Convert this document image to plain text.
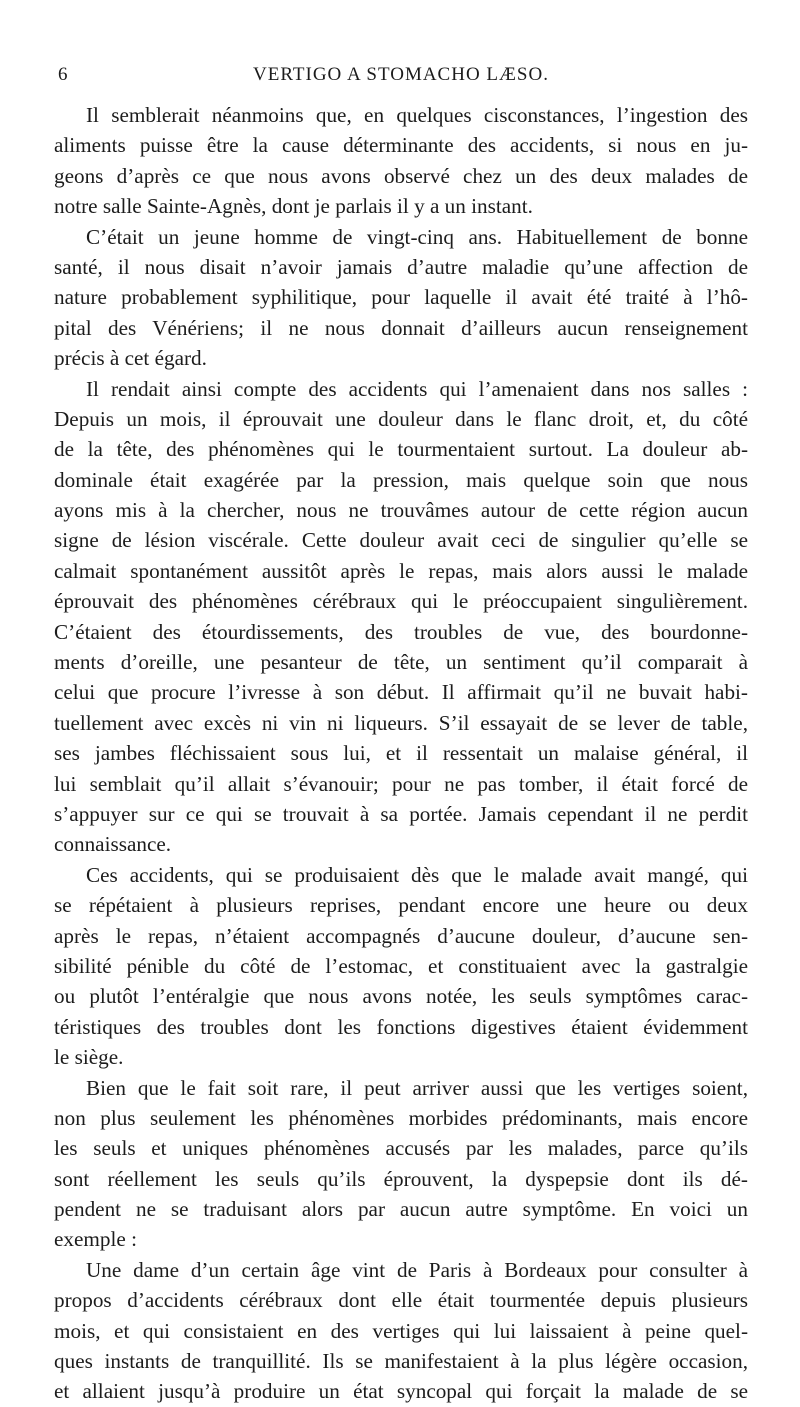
6	VERTIGO A STOMACHO LÆSO.
Il semblerait néanmoins que, en quelques cisconstances, l’ingestion des
aliments puisse être la cause déterminante des accidents, si nous en ju-
geons d’après ce que nous avons observé chez un des deux malades de
notre salle Sainte-Agnès, dont je parlais il y a un instant.
C’était un jeune homme de vingt-cinq ans. Habituellement de bonne
santé, il nous disait n’avoir jamais d’autre maladie qu’une affection de
nature probablement syphilitique, pour laquelle il avait été traité à l’hô-
pital des Vénériens; il ne nous donnait d’ailleurs aucun renseignement
précis à cet égard.
Il rendait ainsi compte des accidents qui l’amenaient dans nos salles :
Depuis un mois, il éprouvait une douleur dans le flanc droit, et, du côté
de la tête, des phénomènes qui le tourmentaient surtout. La douleur ab-
dominale était exagérée par la pression, mais quelque soin que nous
ayons mis à la chercher, nous ne trouvâmes autour de cette région aucun
signe de lésion viscérale. Cette douleur avait ceci de singulier qu’elle se
calmait spontanément aussitôt après le repas, mais alors aussi le malade
éprouvait des phénomènes cérébraux qui le préoccupaient singulièrement.
C’étaient des étourdissements, des troubles de vue, des bourdonne-
ments d’oreille, une pesanteur de tête, un sentiment qu’il comparait à
celui que procure l’ivresse à son début. Il affirmait qu’il ne buvait habi-
tuellement avec excès ni vin ni liqueurs. S’il essayait de se lever de table,
ses jambes fléchissaient sous lui, et il ressentait un malaise général, il
lui semblait qu’il allait s’évanouir; pour ne pas tomber, il était forcé de
s’appuyer sur ce qui se trouvait à sa portée. Jamais cependant il ne perdit
connaissance.
Ces accidents, qui se produisaient dès que le malade avait mangé, qui
se répétaient à plusieurs reprises, pendant encore une heure ou deux
après le repas, n’étaient accompagnés d’aucune douleur, d’aucune sen-
sibilité pénible du côté de l’estomac, et constituaient avec la gastralgie
ou plutôt l’entéralgie que nous avons notée, les seuls symptômes carac-
téristiques des troubles dont les fonctions digestives étaient évidemment
le siège.
Bien que le fait soit rare, il peut arriver aussi que les vertiges soient,
non plus seulement les phénomènes morbides prédominants, mais encore
les seuls et uniques phénomènes accusés par les malades, parce qu’ils
sont réellement les seuls qu’ils éprouvent, la dyspepsie dont ils dé-
pendent ne se traduisant alors par aucun autre symptôme. En voici un
exemple :
Une dame d’un certain âge vint de Paris à Bordeaux pour consulter à
propos d’accidents cérébraux dont elle était tourmentée depuis plusieurs
mois, et qui consistaient en des vertiges qui lui laissaient à peine quel-
ques instants de tranquillité. Ils se manifestaient à la plus légère occasion,
et allaient jusqu’à produire un état syncopal qui forçait la malade de se
